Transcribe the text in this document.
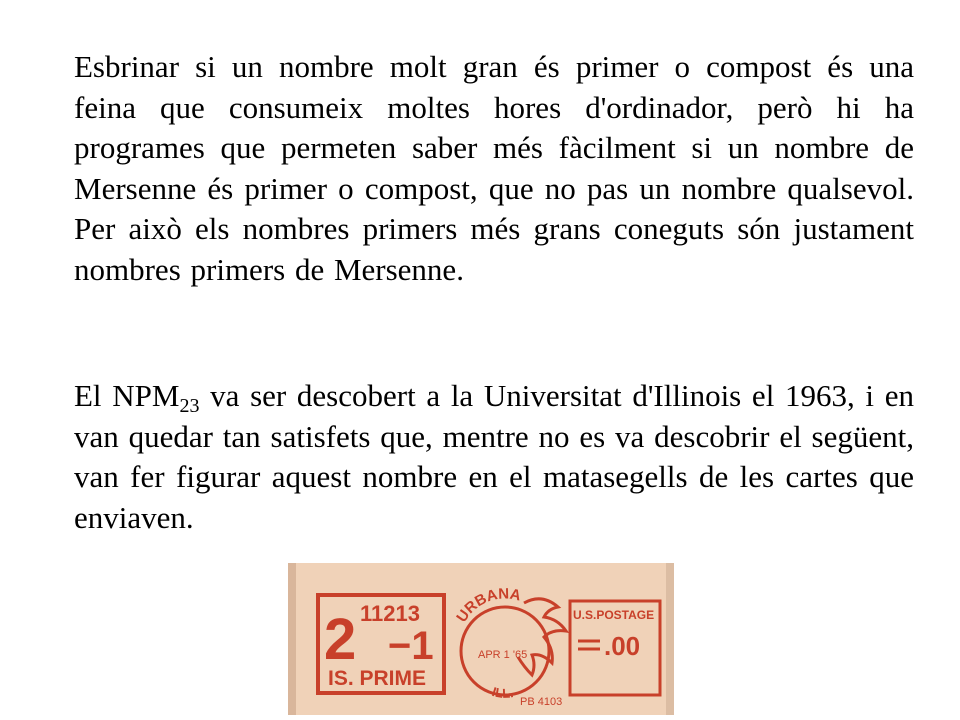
Esbrinar si un nombre molt gran és primer o compost és una feina que consumeix moltes hores d'ordinador, però hi ha programes que permeten saber més fàcilment si un nombre de Mersenne és primer o compost, que no pas un nombre qualsevol. Per això els nombres primers més grans coneguts són justament nombres primers de Mersenne.

El $NPM_{23}$ va ser descobert a la Universitat d'Illinois el 1963, i en van quedar tan satisfets que, mentre no es va descobrir el següent, van fer figurar aquest nombre en el matasegells de les cartes que enviaven.

2 11213
−1
IS. PRIME
URBANA
APR 1 '65
ILL.
U.S.POSTAGE
.00
PB 4103
